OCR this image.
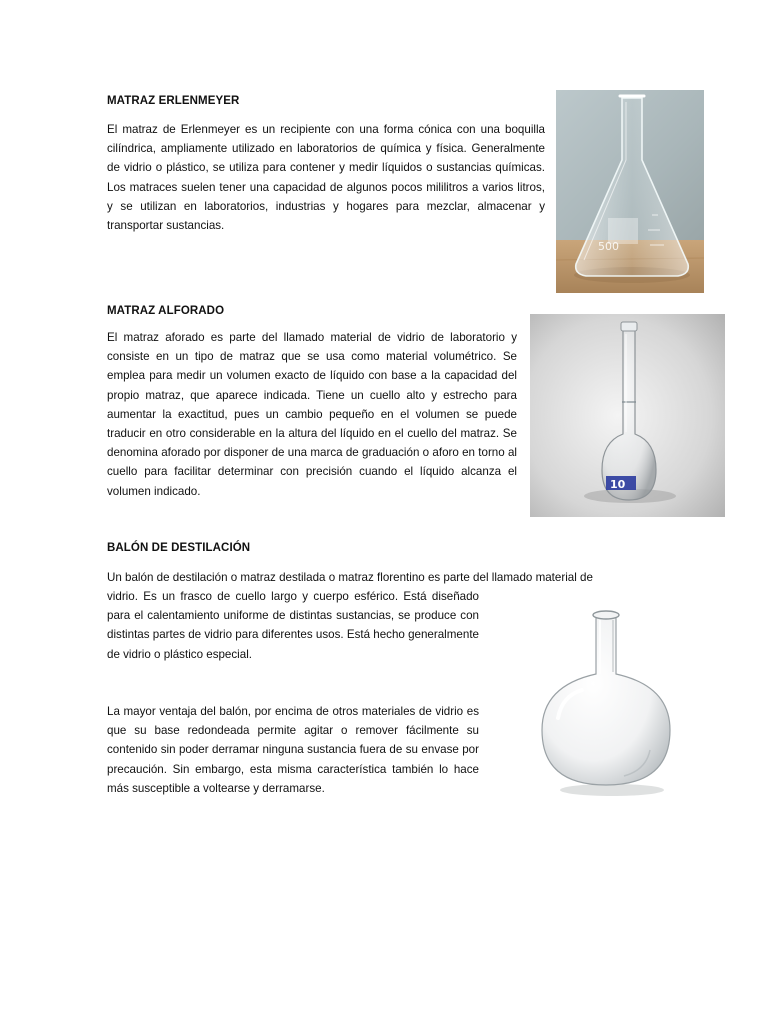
MATRAZ ERLENMEYER

El matraz de Erlenmeyer es un recipiente con una forma cónica con una boquilla cilíndrica, ampliamente utilizado en laboratorios de química y física. Generalmente de vidrio o plástico, se utiliza para contener y medir líquidos o sustancias químicas. Los matraces suelen tener una capacidad de algunos pocos mililitros a varios litros, y se utilizan en laboratorios, industrias y hogares para mezclar, almacenar y transportar sustancias.

500
MATRAZ ALFORADO

El matraz aforado es parte del llamado material de vidrio de laboratorio y consiste en un tipo de matraz que se usa como material volumétrico. Se emplea para medir un volumen exacto de líquido con base a la capacidad del propio matraz, que aparece indicada. Tiene un cuello alto y estrecho para aumentar la exactitud, pues un cambio pequeño en el volumen se puede traducir en otro considerable en la altura del líquido en el cuello del matraz. Se denomina aforado por disponer de una marca de graduación o aforo en torno al cuello para facilitar determinar con precisión cuando el líquido alcanza el volumen indicado.

10
BALÓN DE DESTILACIÓN

Un balón de destilación o matraz destilada o matraz florentino es parte del llamado material de

vidrio. Es un frasco de cuello largo y cuerpo esférico. Está diseñado para el calentamiento uniforme de distintas sustancias, se produce con distintas partes de vidrio para diferentes usos. Está hecho generalmente de vidrio o plástico especial.

La mayor ventaja del balón, por encima de otros materiales de vidrio es que su base redondeada permite agitar o remover fácilmente su contenido sin poder derramar ninguna sustancia fuera de su envase por precaución. Sin embargo, esta misma característica también lo hace más susceptible a voltearse y derramarse.
